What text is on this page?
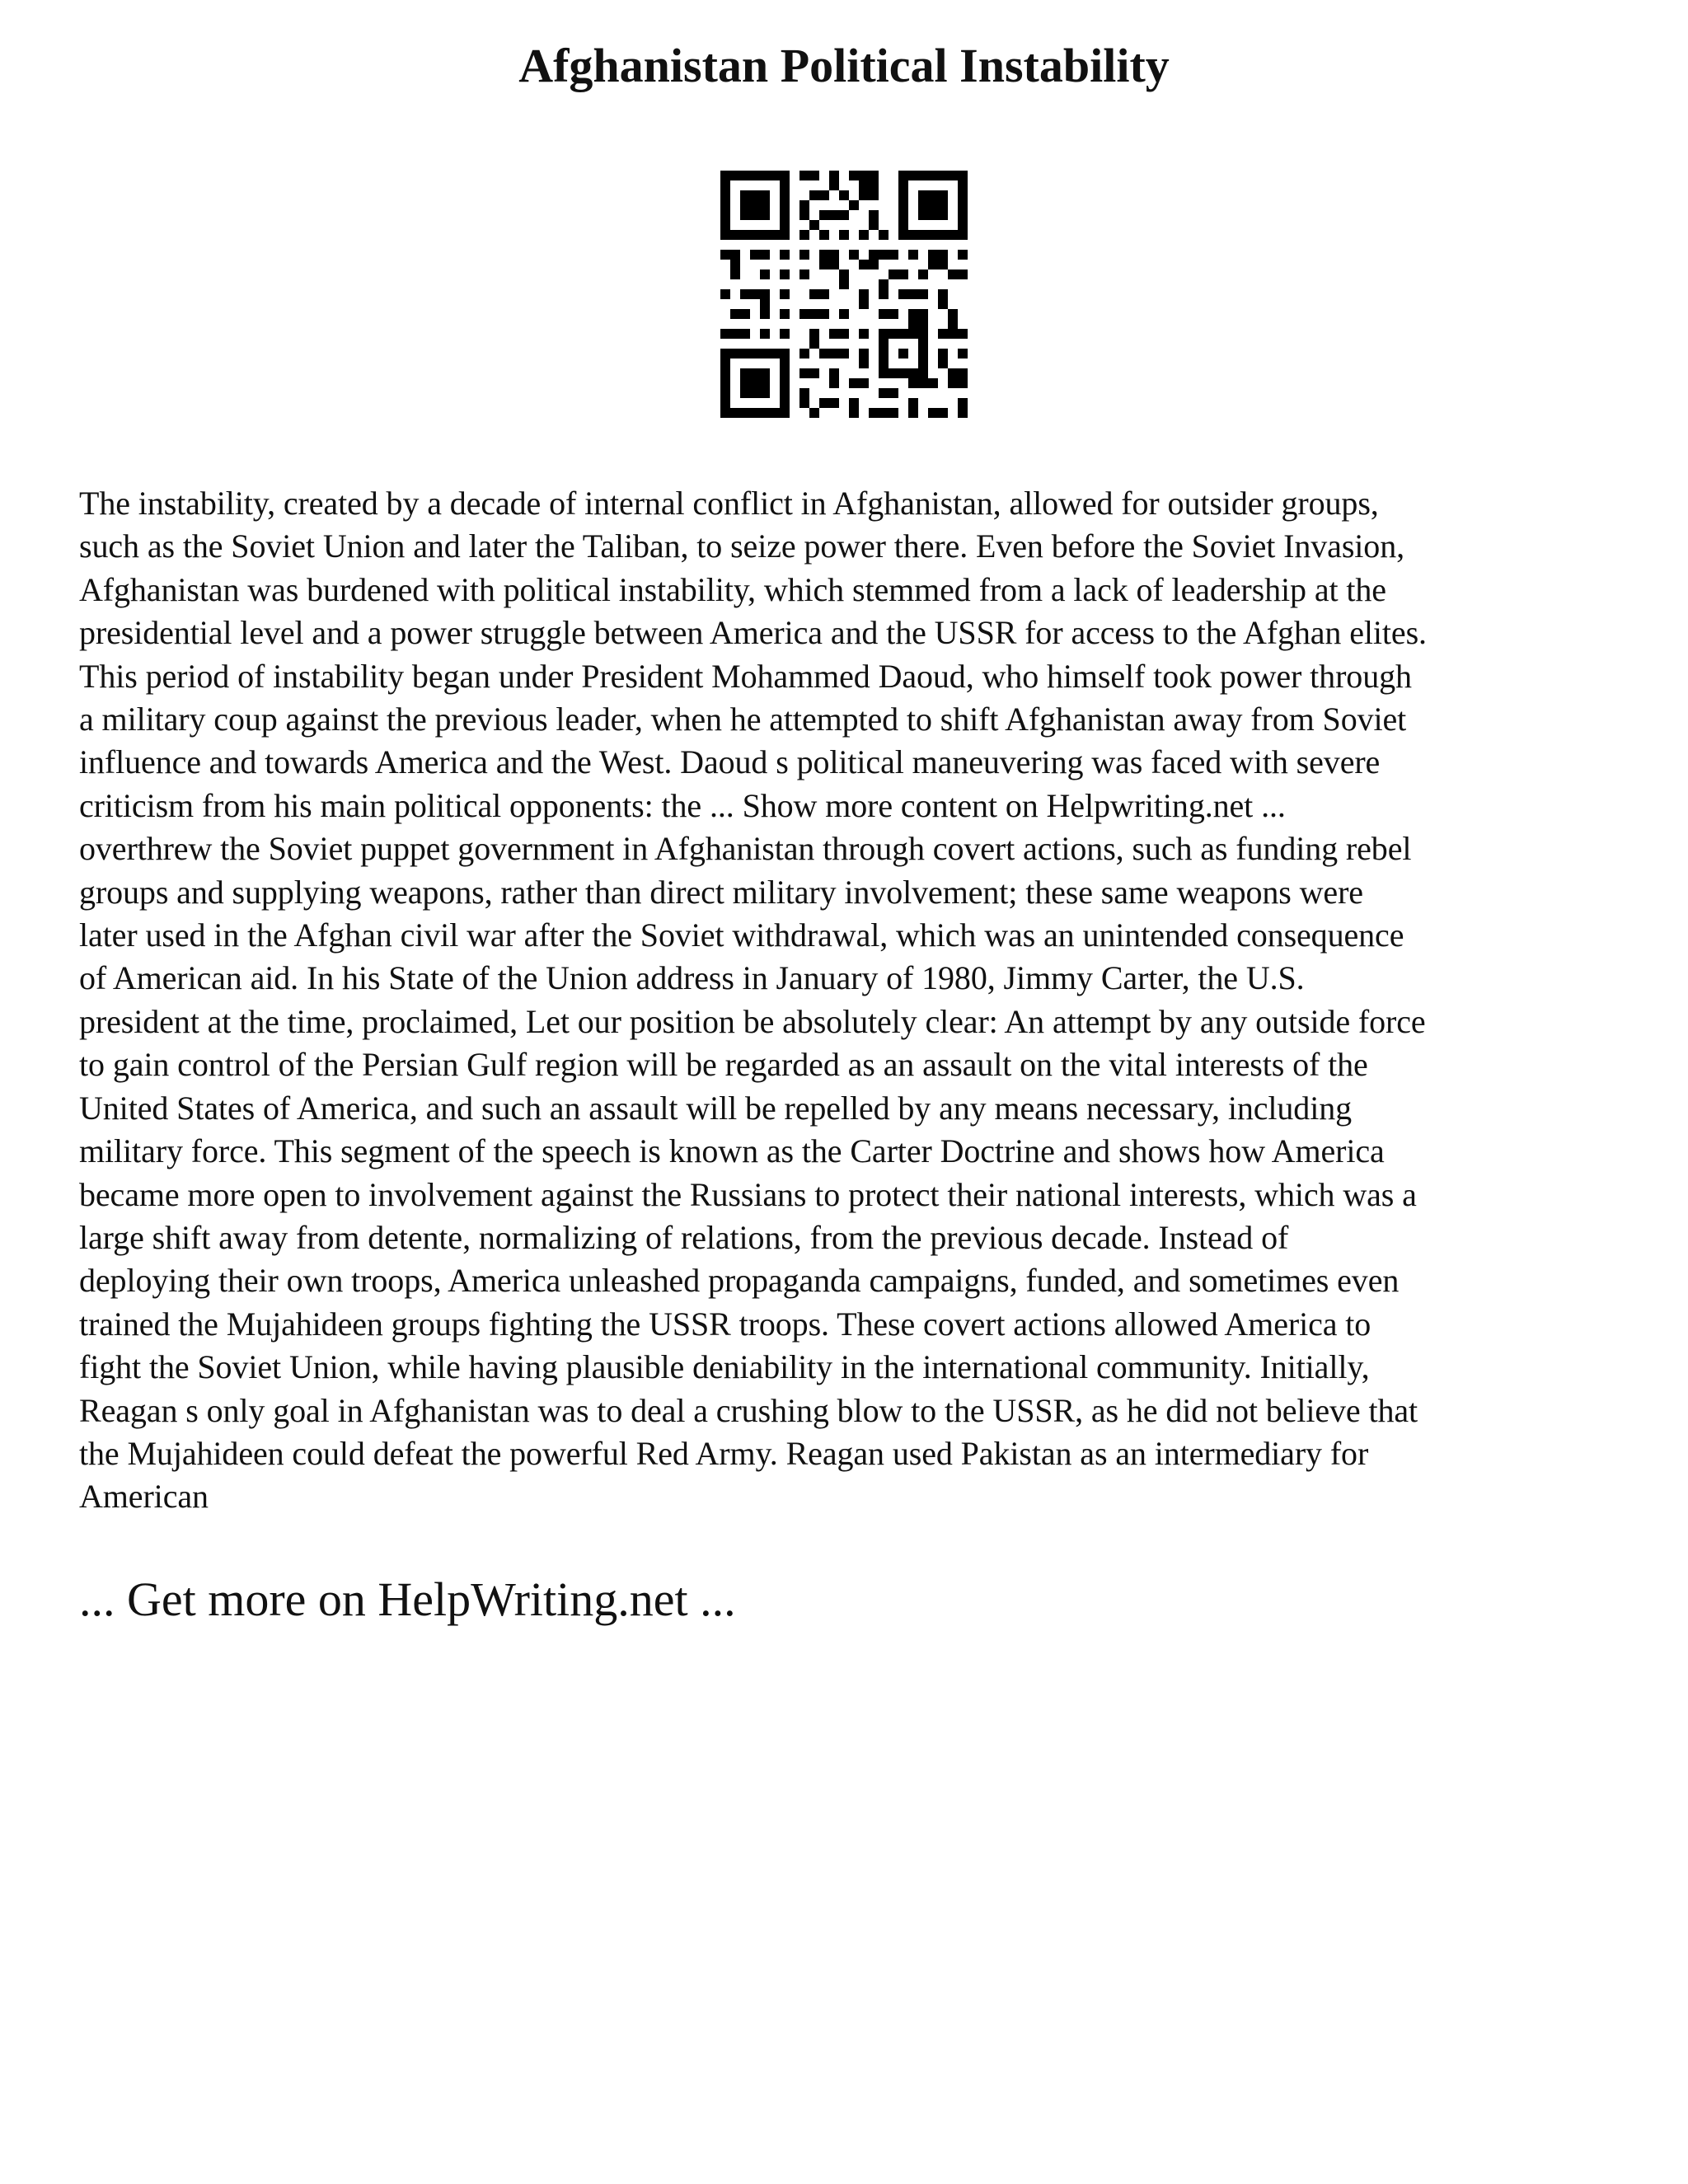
Afghanistan Political Instability

The instability, created by a decade of internal conflict in Afghanistan, allowed for outsider groups,
such as the Soviet Union and later the Taliban, to seize power there. Even before the Soviet Invasion,
Afghanistan was burdened with political instability, which stemmed from a lack of leadership at the
presidential level and a power struggle between America and the USSR for access to the Afghan elites.
This period of instability began under President Mohammed Daoud, who himself took power through
a military coup against the previous leader, when he attempted to shift Afghanistan away from Soviet
influence and towards America and the West. Daoud s political maneuvering was faced with severe
criticism from his main political opponents: the ... Show more content on Helpwriting.net ...
overthrew the Soviet puppet government in Afghanistan through covert actions, such as funding rebel
groups and supplying weapons, rather than direct military involvement; these same weapons were
later used in the Afghan civil war after the Soviet withdrawal, which was an unintended consequence
of American aid. In his State of the Union address in January of 1980, Jimmy Carter, the U.S.
president at the time, proclaimed, Let our position be absolutely clear: An attempt by any outside force
to gain control of the Persian Gulf region will be regarded as an assault on the vital interests of the
United States of America, and such an assault will be repelled by any means necessary, including
military force. This segment of the speech is known as the Carter Doctrine and shows how America
became more open to involvement against the Russians to protect their national interests, which was a
large shift away from detente, normalizing of relations, from the previous decade. Instead of
deploying their own troops, America unleashed propaganda campaigns, funded, and sometimes even
trained the Mujahideen groups fighting the USSR troops. These covert actions allowed America to
fight the Soviet Union, while having plausible deniability in the international community. Initially,
Reagan s only goal in Afghanistan was to deal a crushing blow to the USSR, as he did not believe that
the Mujahideen could defeat the powerful Red Army. Reagan used Pakistan as an intermediary for
American

... Get more on HelpWriting.net ...
